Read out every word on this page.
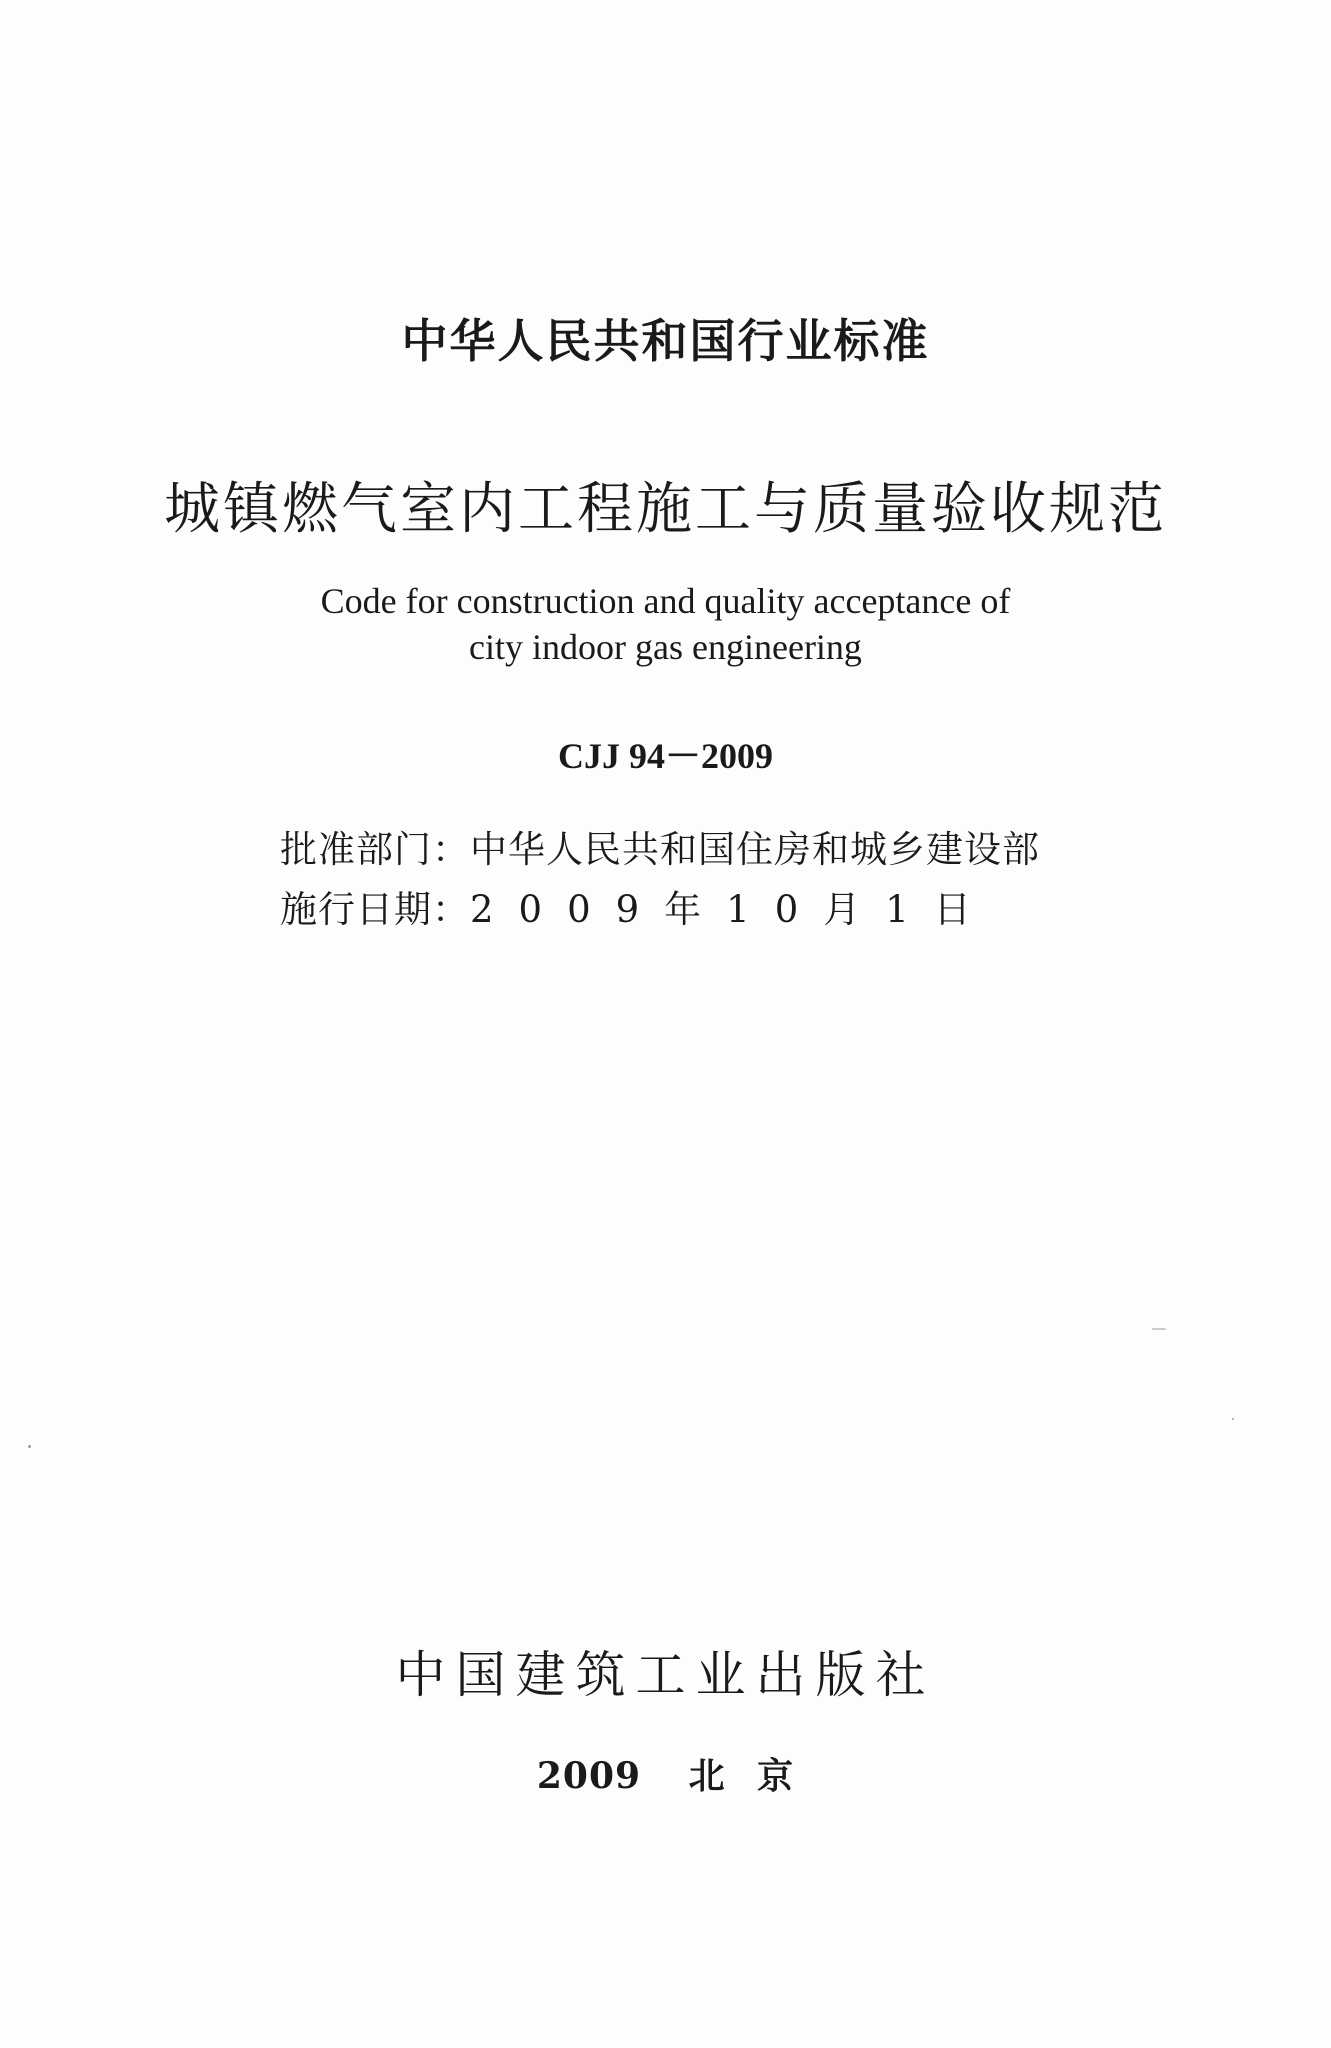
中华人民共和国行业标准
城镇燃气室内工程施工与质量验收规范
Code for construction and quality acceptance of
city indoor gas engineering
CJJ 94－2009
批准部门：中华人民共和国住房和城乡建设部
施行日期：2009年10月1日
中国建筑工业出版社
2009 北 京
